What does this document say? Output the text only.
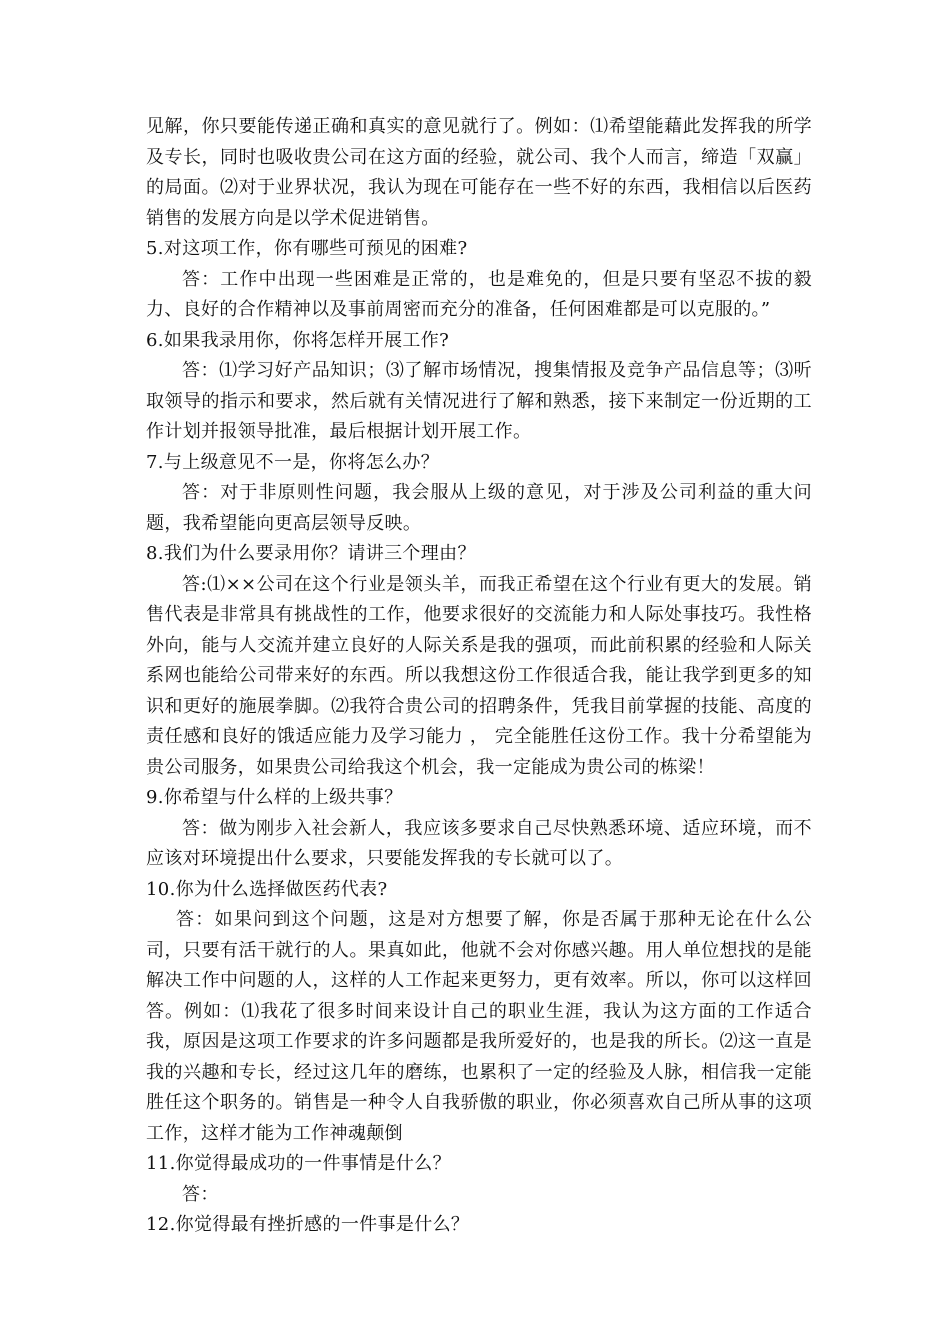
见解，你只要能传递正确和真实的意见就行了。例如：⑴希望能藉此发挥我的所学及专长，同时也吸收贵公司在这方面的经验，就公司、我个人而言，缔造「双赢」的局面。⑵对于业界状况，我认为现在可能存在一些不好的东西，我相信以后医药销售的发展方向是以学术促进销售。

5.对这项工作，你有哪些可预见的困难?

答：工作中出现一些困难是正常的，也是难免的，但是只要有坚忍不拔的毅力、良好的合作精神以及事前周密而充分的准备，任何困难都是可以克服的。”

6.如果我录用你，你将怎样开展工作?

答：⑴学习好产品知识；⑶了解市场情况，搜集情报及竞争产品信息等；⑶听取领导的指示和要求，然后就有关情况进行了解和熟悉，接下来制定一份近期的工作计划并报领导批准，最后根据计划开展工作。

7.与上级意见不一是，你将怎么办？

答：对于非原则性问题，我会服从上级的意见，对于涉及公司利益的重大问题，我希望能向更高层领导反映。

8.我们为什么要录用你？请讲三个理由？

答:⑴××公司在这个行业是领头羊，而我正希望在这个行业有更大的发展。销售代表是非常具有挑战性的工作，他要求很好的交流能力和人际处事技巧。我性格外向，能与人交流并建立良好的人际关系是我的强项，而此前积累的经验和人际关系网也能给公司带来好的东西。所以我想这份工作很适合我，能让我学到更多的知识和更好的施展拳脚。⑵我符合贵公司的招聘条件，凭我目前掌握的技能、高度的责任感和良好的饿适应能力及学习能力 ， 完全能胜任这份工作。我十分希望能为贵公司服务，如果贵公司给我这个机会，我一定能成为贵公司的栋梁！

9.你希望与什么样的上级共事？

答：做为刚步入社会新人，我应该多要求自己尽快熟悉环境、适应环境，而不应该对环境提出什么要求，只要能发挥我的专长就可以了。

10.你为什么选择做医药代表?

答：如果问到这个问题，这是对方想要了解，你是否属于那种无论在什么公司，只要有活干就行的人。果真如此，他就不会对你感兴趣。用人单位想找的是能解决工作中问题的人，这样的人工作起来更努力，更有效率。所以，你可以这样回答。例如：⑴我花了很多时间来设计自己的职业生涯，我认为这方面的工作适合我，原因是这项工作要求的许多问题都是我所爱好的，也是我的所长。⑵这一直是我的兴趣和专长，经过这几年的磨练，也累积了一定的经验及人脉，相信我一定能胜任这个职务的。销售是一种令人自我骄傲的职业，你必须喜欢自己所从事的这项工作，这样才能为工作神魂颠倒

11.你觉得最成功的一件事情是什么？

答：

12.你觉得最有挫折感的一件事是什么？
